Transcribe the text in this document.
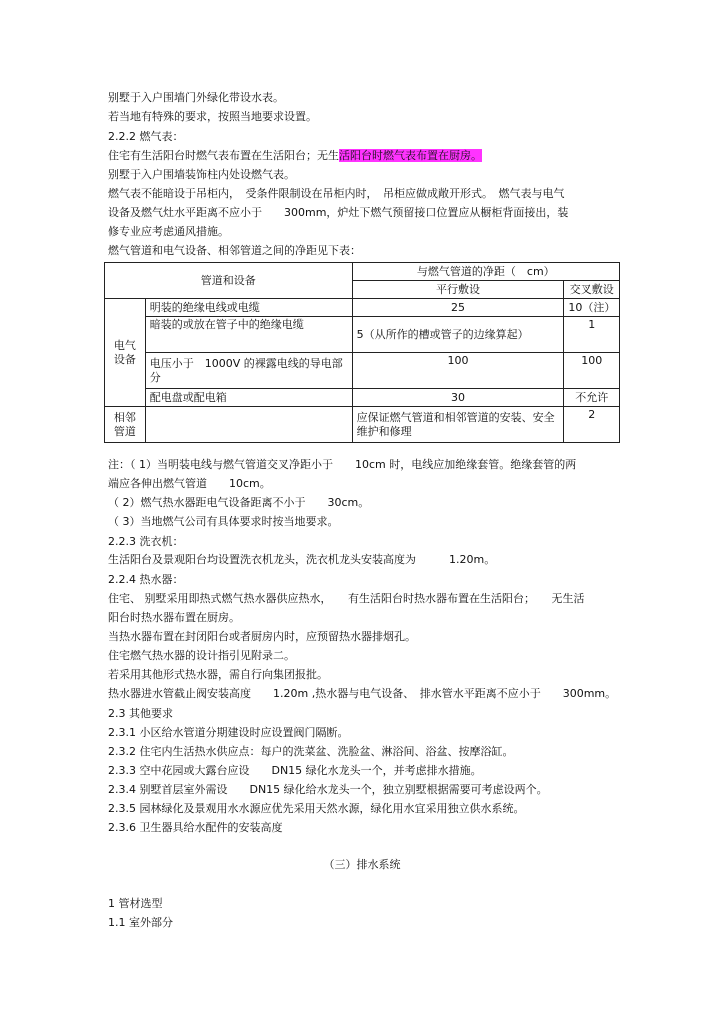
别墅于入户围墙门外绿化带设水表。
若当地有特殊的要求，按照当地要求设置。
2.2.2 燃气表：
住宅有生活阳台时燃气表布置在生活阳台；无生活阳台时燃气表布置在厨房。
别墅于入户围墙装饰柱内处设燃气表。
燃气表不能暗设于吊柜内，　受条件限制设在吊柜内时，　吊柜应做成敞开形式。　燃气表与电气
设备及燃气灶水平距离不应小于　　300mm，炉灶下燃气预留接口位置应从橱柜背面接出，装
修专业应考虑通风措施。
燃气管道和电气设备、相邻管道之间的净距见下表：
管道和设备		与燃气管道的净距（　cm）	
		平行敷设	交叉敷设
电气设备	明装的绝缘电线或电缆	25	10（注）
	暗装的或放在管子中的绝缘电缆	5（从所作的槽或管子的边缘算起）	1
	电压小于　1000V 的裸露电线的导电部分	100	100
	配电盘或配电箱	30	不允许
相邻管道		应保证燃气管道和相邻管道的安装、安全维护和修理	2
注：（ 1）当明装电线与燃气管道交叉净距小于　　10cm 时，电线应加绝缘套管。绝缘套管的两
端应各伸出燃气管道　　10cm。
（ 2）燃气热水器距电气设备距离不小于　　30cm。
（ 3）当地燃气公司有具体要求时按当地要求。
2.2.3 洗衣机：
生活阳台及景观阳台均设置洗衣机龙头，洗衣机龙头安装高度为　　　1.20m。
2.2.4 热水器：
住宅、 别墅采用即热式燃气热水器供应热水，　　有生活阳台时热水器布置在生活阳台；　　无生活
阳台时热水器布置在厨房。
当热水器布置在封闭阳台或者厨房内时，应预留热水器排烟孔。
住宅燃气热水器的设计指引见附录二。
若采用其他形式热水器，需自行向集团报批。
热水器进水管截止阀安装高度　　1.20m ,热水器与电气设备、　排水管水平距离不应小于　　300mm。
2.3 其他要求
2.3.1 小区给水管道分期建设时应设置阀门隔断。
2.3.2 住宅内生活热水供应点：每户的洗菜盆、洗脸盆、淋浴间、浴盆、按摩浴缸。
2.3.3 空中花园或大露台应设　　DN15 绿化水龙头一个，并考虑排水措施。
2.3.4 别墅首层室外需设　　DN15 绿化给水龙头一个，独立别墅根据需要可考虑设两个。
2.3.5 园林绿化及景观用水水源应优先采用天然水源，绿化用水宜采用独立供水系统。
2.3.6 卫生器具给水配件的安装高度
（三）排水系统
1 管材选型
1.1 室外部分
